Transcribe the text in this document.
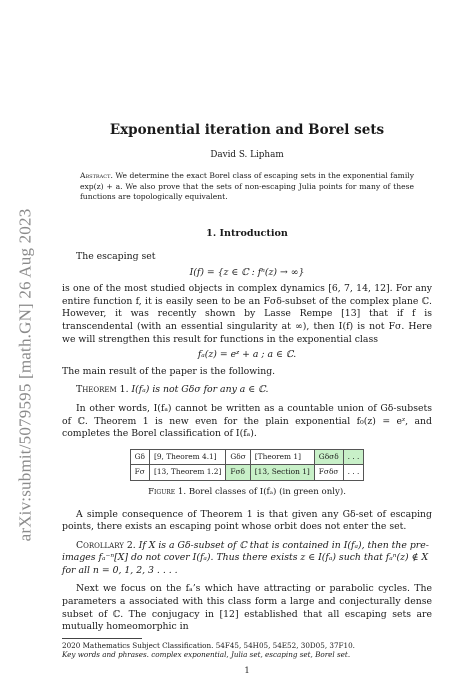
arXiv:submit/5079595 [math.GN] 26 Aug 2023
Exponential iteration and Borel sets
David S. Lipham
Abstract. We determine the exact Borel class of escaping sets in the exponential family exp(z) + a. We also prove that the sets of non-escaping Julia points for many of these functions are topologically equivalent.
1. Introduction

The escaping set

I(f) = {z ∈ ℂ : fⁿ(z) → ∞}

is one of the most studied objects in complex dynamics [6, 7, 14, 12]. For any entire function f, it is easily seen to be an Fσδ-subset of the complex plane ℂ. However, it was recently shown by Lasse Rempe [13] that if f is transcendental (with an essential singularity at ∞), then I(f) is not Fσ. Here we will strengthen this result for functions in the exponential class

fₐ(z) = eᶻ + a ; a ∈ ℂ.

The main result of the paper is the following.

Theorem 1. I(fₐ) is not Gδσ for any a ∈ ℂ.

In other words, I(fₐ) cannot be written as a countable union of Gδ-subsets of ℂ. Theorem 1 is new even for the plain exponential f₀(z) = eᶻ, and completes the Borel classification of I(fₐ).

Gδ	[9, Theorem 4.1]	Gδσ	[Theorem 1]	Gδσδ	. . .
Fσ	[13, Theorem 1.2]	Fσδ	[13, Section 1]	Fσδσ	. . .
Figure 1. Borel classes of I(fₐ) (in green only).

A simple consequence of Theorem 1 is that given any Gδ-set of escaping points, there exists an escaping point whose orbit does not enter the set.

Corollary 2. If X is a Gδ-subset of ℂ that is contained in I(fₐ), then the pre-images fₐ⁻ⁿ[X] do not cover I(fₐ). Thus there exists z ∈ I(fₐ) such that fₐⁿ(z) ∉ X for all n = 0, 1, 2, 3 . . . .

Next we focus on the fₐ’s which have attracting or parabolic cycles. The parameters a associated with this class form a large and conjecturally dense subset of ℂ. The conjugacy in [12] established that all escaping sets are mutually homeomorphic in

2020 Mathematics Subject Classification. 54F45, 54H05, 54E52, 30D05, 37F10.
Key words and phrases. complex exponential, Julia set, escaping set, Borel set.
1
